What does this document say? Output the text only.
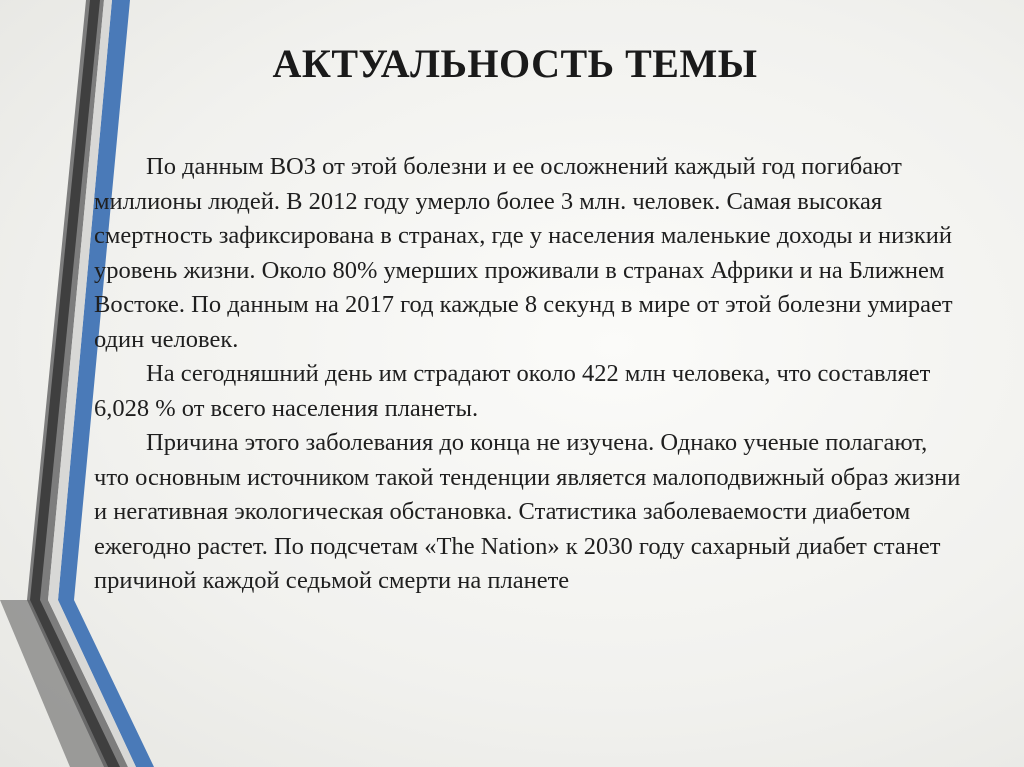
АКТУАЛЬНОСТЬ ТЕМЫ

По данным ВОЗ от этой болезни и ее осложнений каждый год погибают миллионы людей. В 2012 году умерло более 3 млн. человек. Самая высокая смертность зафиксирована в странах, где у населения маленькие доходы и низкий уровень жизни. Около 80% умерших проживали в странах Африки и на Ближнем Востоке. По данным на 2017 год каждые 8 секунд в мире от этой болезни умирает один человек.

На сегодняшний день им страдают около 422 млн человека, что составляет 6,028 % от всего населения планеты.

Причина этого заболевания до конца не изучена. Однако ученые полагают, что основным источником такой тенденции является малоподвижный образ жизни и негативная экологическая обстановка. Статистика заболеваемости диабетом ежегодно растет. По подсчетам «The Nation» к 2030 году сахарный диабет станет причиной каждой седьмой смерти на планете
